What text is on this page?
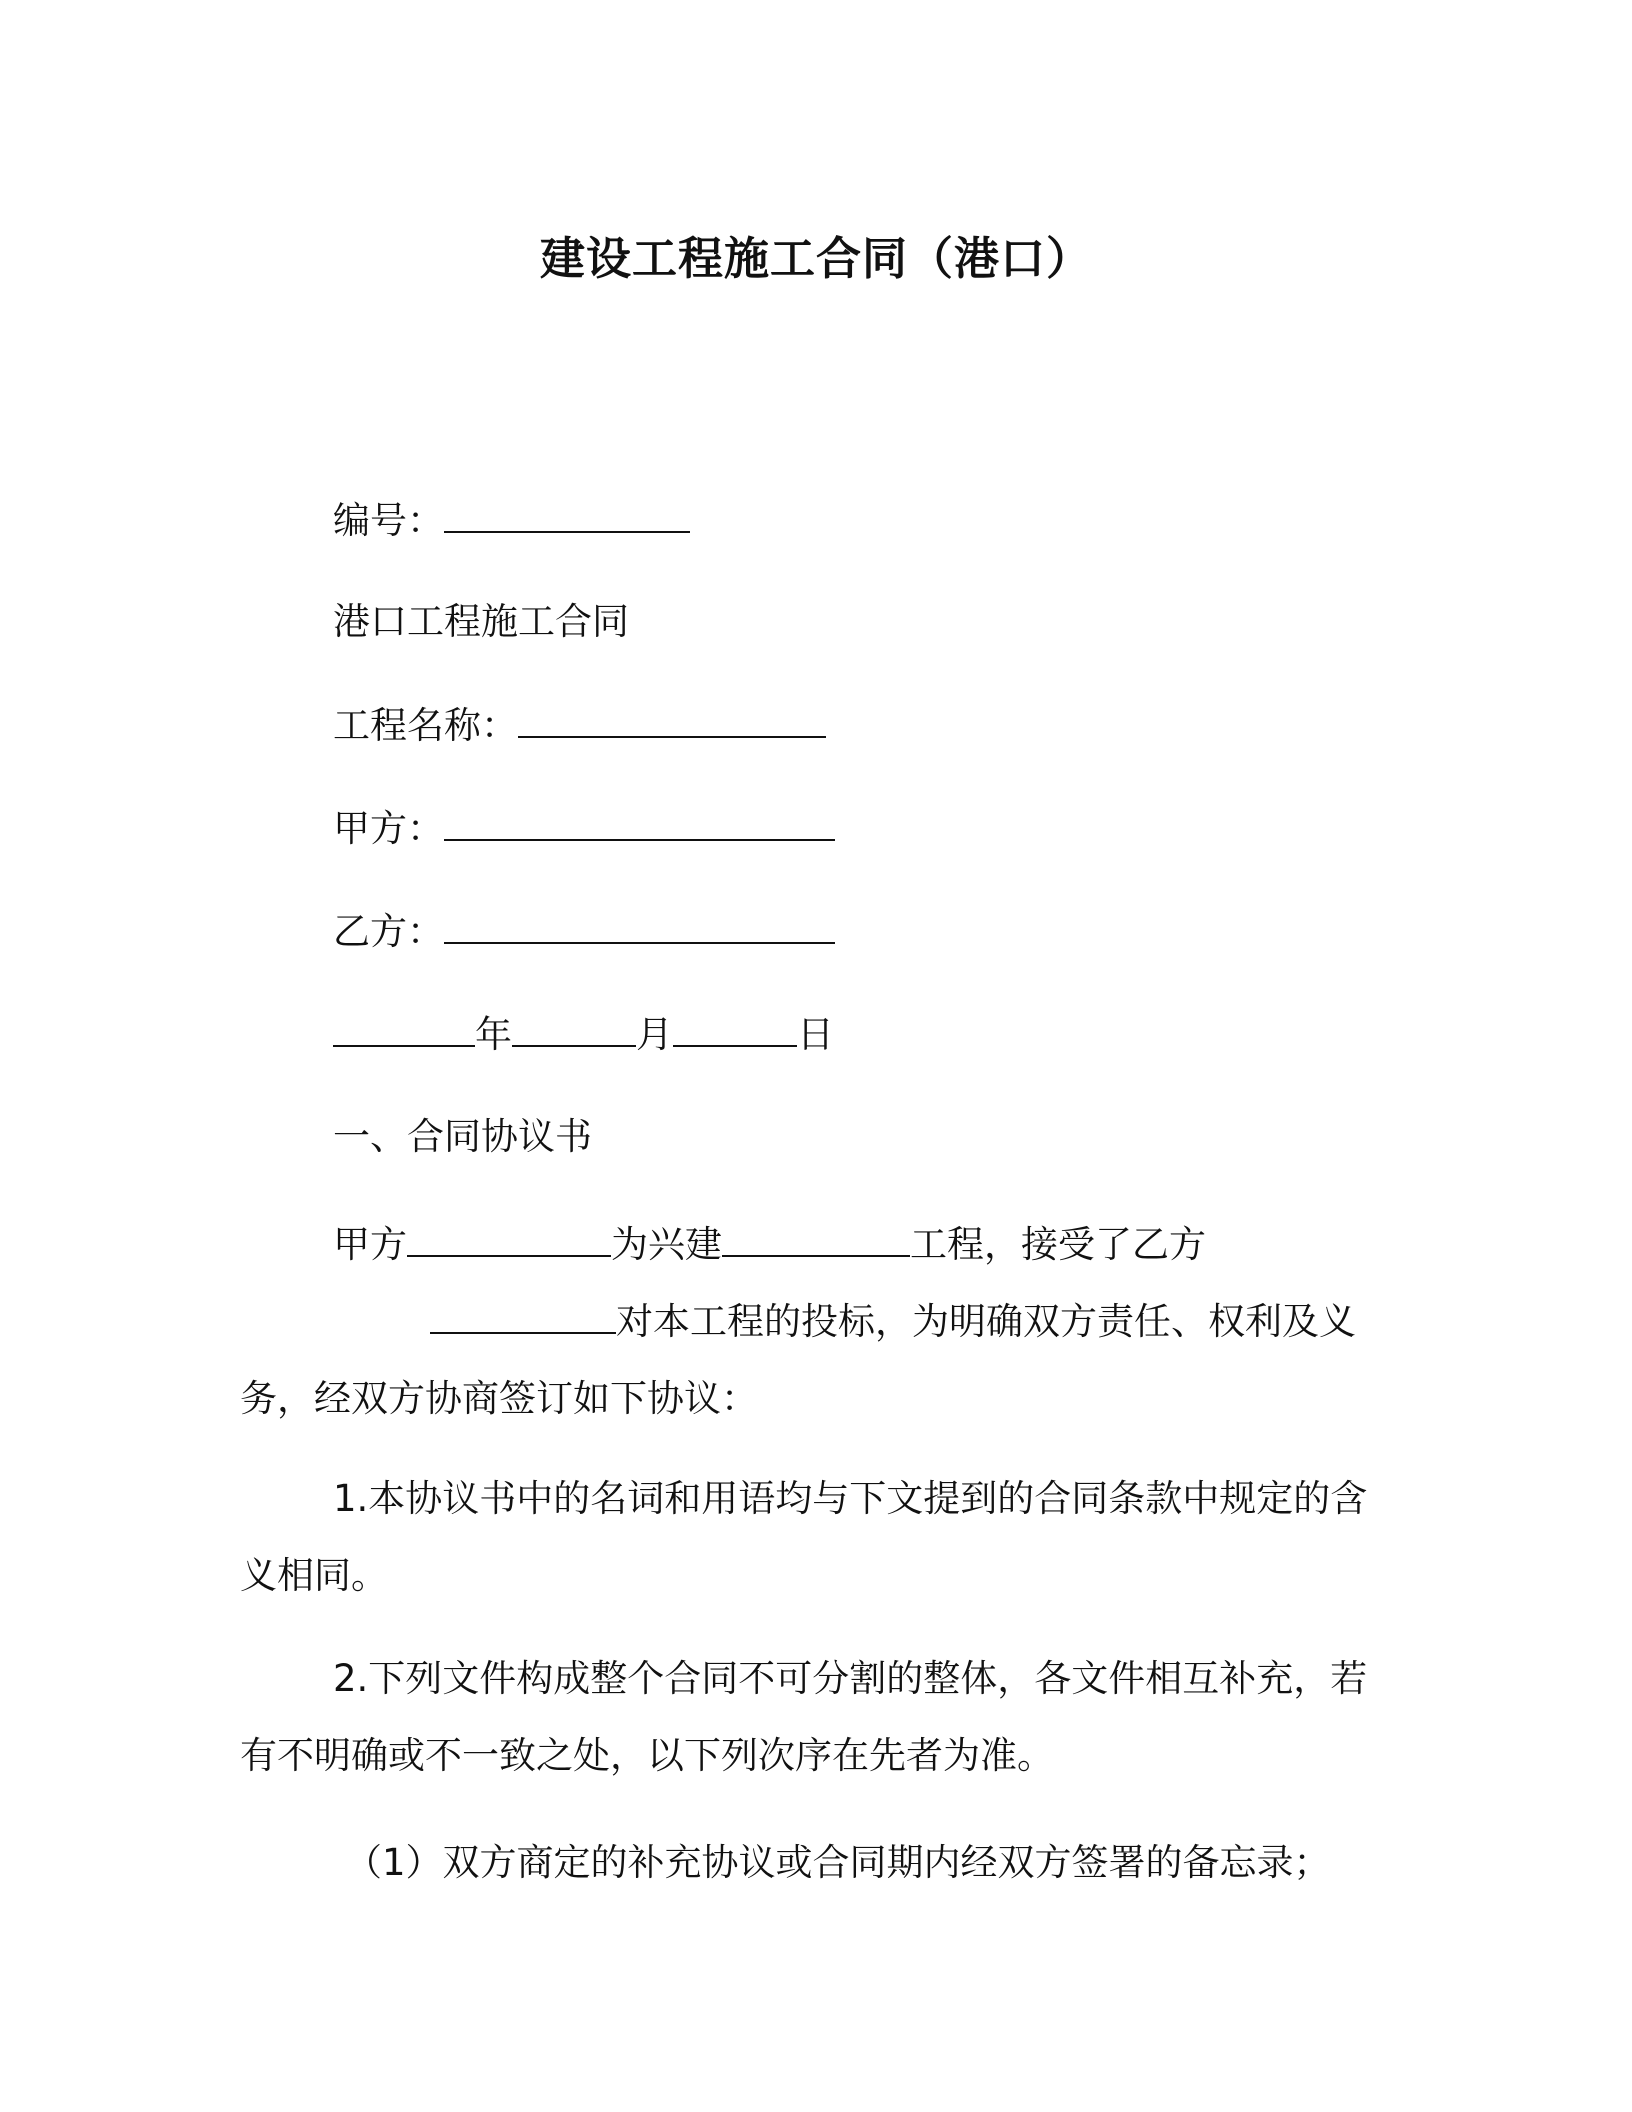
建设工程施工合同（港口）
编号：
港口工程施工合同
工程名称：
甲方：
乙方：
年	月	日
一、合同协议书
甲方	为兴建	工程，接受了乙方对本工程的投标，为明确双方责任、权利及义务，经双方协商签订如下协议：
1.本协议书中的名词和用语均与下文提到的合同条款中规定的含义相同。
2.下列文件构成整个合同不可分割的整体，各文件相互补充，若有不明确或不一致之处，以下列次序在先者为准。
（1）双方商定的补充协议或合同期内经双方签署的备忘录；
